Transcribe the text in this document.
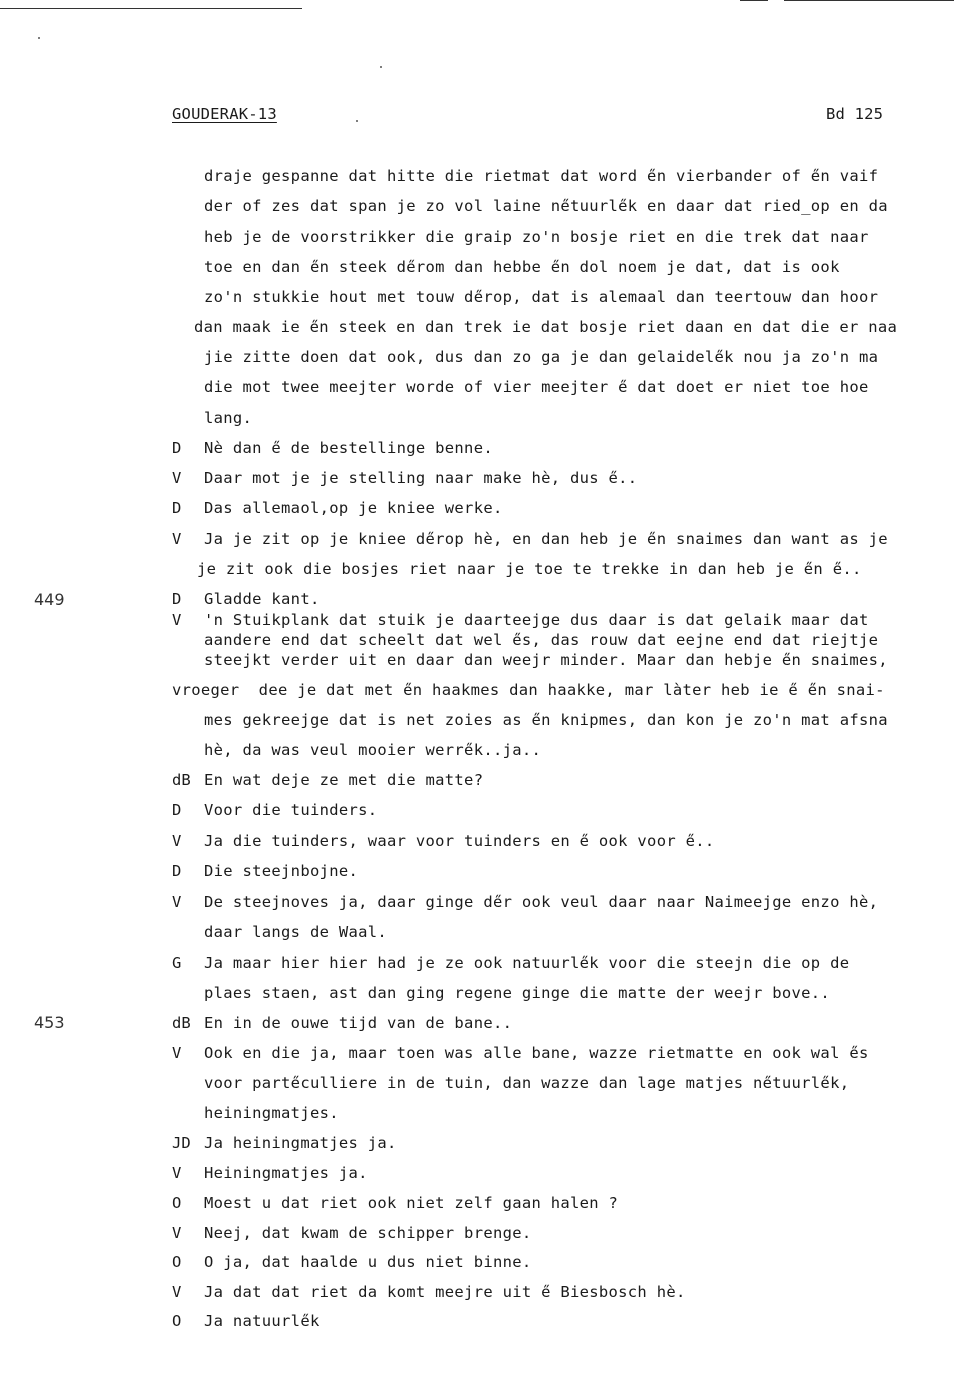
GOUDERAK-13	Bd 125
449
453
draje gespanne dat hitte die rietmat dat word e̋n vierbander of e̋n vaif
der of zes dat span je zo vol laine ne̋tuurle̋k en daar dat ried_op en da
heb je de voorstrikker die graip zo'n bosje riet en die trek dat naar
toe en dan e̋n steek de̋rom dan hebbe e̋n dol noem je dat, dat is ook
zo'n stukkie hout met touw de̋rop, dat is alemaal dan teertouw dan hoor
dan maak ie e̋n steek en dan trek ie dat bosje riet daan en dat die er naa
jie zitte doen dat ook, dus dan zo ga je dan gelaidele̋k nou ja zo'n ma
die mot twee meejter worde of vier meejter e̋ dat doet er niet toe hoe
lang.
D Nè dan e̋ de bestellinge benne.
V Daar mot je je stelling naar make hè, dus e̋..
D Das allemaol,op je kniee werke.
V Ja je zit op je kniee de̋rop hè, en dan heb je e̋n snaimes dan want as je
je zit ook die bosjes riet naar je toe te trekke in dan heb je e̋n e̋..
D Gladde kant.
V 'n Stuikplank dat stuik je daarteejge dus daar is dat gelaik maar dat
aandere end dat scheelt dat wel e̋s, das rouw dat eejne end dat riejtje
steejkt verder uit en daar dan weejr minder. Maar dan hebje e̋n snaimes,
vroeger  dee je dat met e̋n haakmes dan haakke, mar làter heb ie e̋ e̋n snai-
mes gekreejge dat is net zoies as e̋n knipmes, dan kon je zo'n mat afsna
hè, da was veul mooier werre̋k..ja..
dB En wat deje ze met die matte?
D Voor die tuinders.
V Ja die tuinders, waar voor tuinders en e̋ ook voor e̋..
D Die steejnbojne.
V De steejnoves ja, daar ginge de̋r ook veul daar naar Naimeejge enzo hè,
daar langs de Waal.
G Ja maar hier hier had je ze ook natuurle̋k voor die steejn die op de
plaes staen, ast dan ging regene ginge die matte der weejr bove..
dB En in de ouwe tijd van de bane..
V Ook en die ja, maar toen was alle bane, wazze rietmatte en ook wal e̋s
voor parte̋culliere in de tuin, dan wazze dan lage matjes ne̋tuurle̋k,
heiningmatjes.
JD Ja heiningmatjes ja.
V Heiningmatjes ja.
O Moest u dat riet ook niet zelf gaan halen ?
V Neej, dat kwam de schipper brenge.
O O ja, dat haalde u dus niet binne.
V Ja dat dat riet da komt meejre uit e̋ Biesbosch hè.
O Ja natuurle̋k
